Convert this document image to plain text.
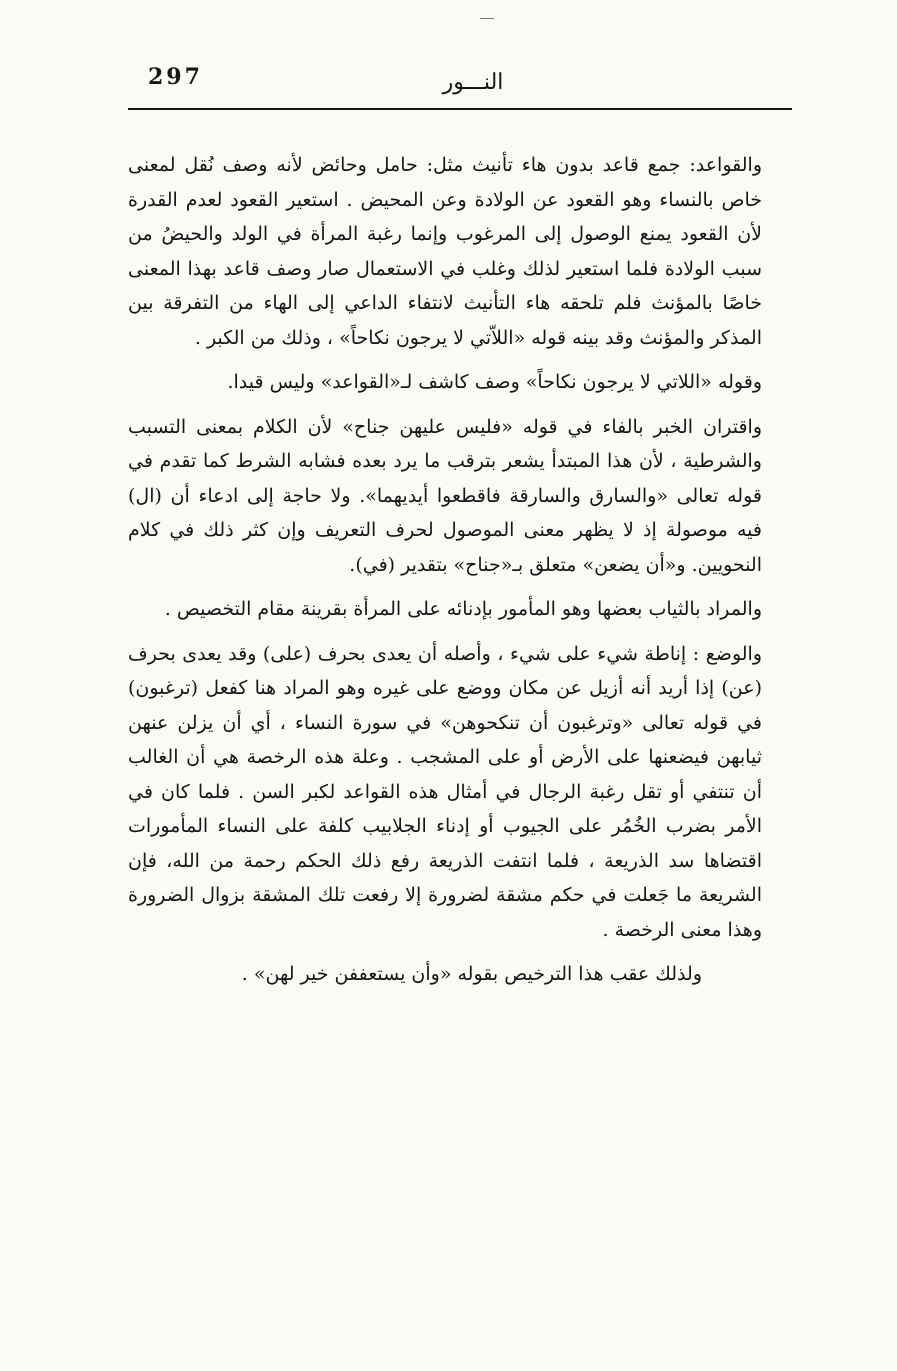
297	النـــور

والقواعد: جمع قاعد بدون هاء تأنيث مثل: حامل وحائض لأنه وصف نُقل لمعنى خاص بالنساء وهو القعود عن الولادة وعن المحيض . استعير القعود لعدم القدرة لأن القعود يمنع الوصول إلى المرغوب وإنما رغبة المرأة في الولد والحيضُ من سبب الولادة فلما استعير لذلك وغلب في الاستعمال صار وصف قاعد بهذا المعنى خاصًا بالمؤنث فلم تلحقه هاء التأنيث لانتفاء الداعي إلى الهاء من التفرقة بين المذكر والمؤنث وقد بينه قوله «اللاّتي لا يرجون نكاحاً» ، وذلك من الكبر .

وقوله «اللاتي لا يرجون نكاحاً» وصف كاشف لـ«القواعد» وليس قيدا.

واقتران الخبر بالفاء في قوله «فليس عليهن جناح» لأن الكلام بمعنى التسبب والشرطية ، لأن هذا المبتدأ يشعر بترقب ما يرد بعده فشابه الشرط كما تقدم في قوله تعالى «والسارق والسارقة فاقطعوا أيديهما». ولا حاجة إلى ادعاء أن (ال) فيه موصولة إذ لا يظهر معنى الموصول لحرف التعريف وإن كثر ذلك في كلام النحويين. و«أن يضعن» متعلق بـ«جناح» بتقدير (في).

والمراد بالثياب بعضها وهو المأمور بإدنائه على المرأة بقرينة مقام التخصيص .

والوضع : إناطة شيء على شيء ، وأصله أن يعدى بحرف (على) وقد يعدى بحرف (عن) إذا أريد أنه أزيل عن مكان ووضع على غيره وهو المراد هنا كفعل (ترغبون) في قوله تعالى «وترغبون أن تنكحوهن» في سورة النساء ، أي أن يزلن عنهن ثيابهن فيضعنها على الأرض أو على المشجب . وعلة هذه الرخصة هي أن الغالب أن تنتفي أو تقل رغبة الرجال في أمثال هذه القواعد لكبر السن . فلما كان في الأمر بضرب الخُمُر على الجيوب أو إدناء الجلابيب كلفة على النساء المأمورات اقتضاها سد الذريعة ، فلما انتفت الذريعة رفع ذلك الحكم رحمة من الله، فإن الشريعة ما جَعلت في حكم مشقة لضرورة إلا رفعت تلك المشقة بزوال الضرورة وهذا معنى الرخصة .

ولذلك عقب هذا الترخيص بقوله «وأن يستعففن خير لهن» .
